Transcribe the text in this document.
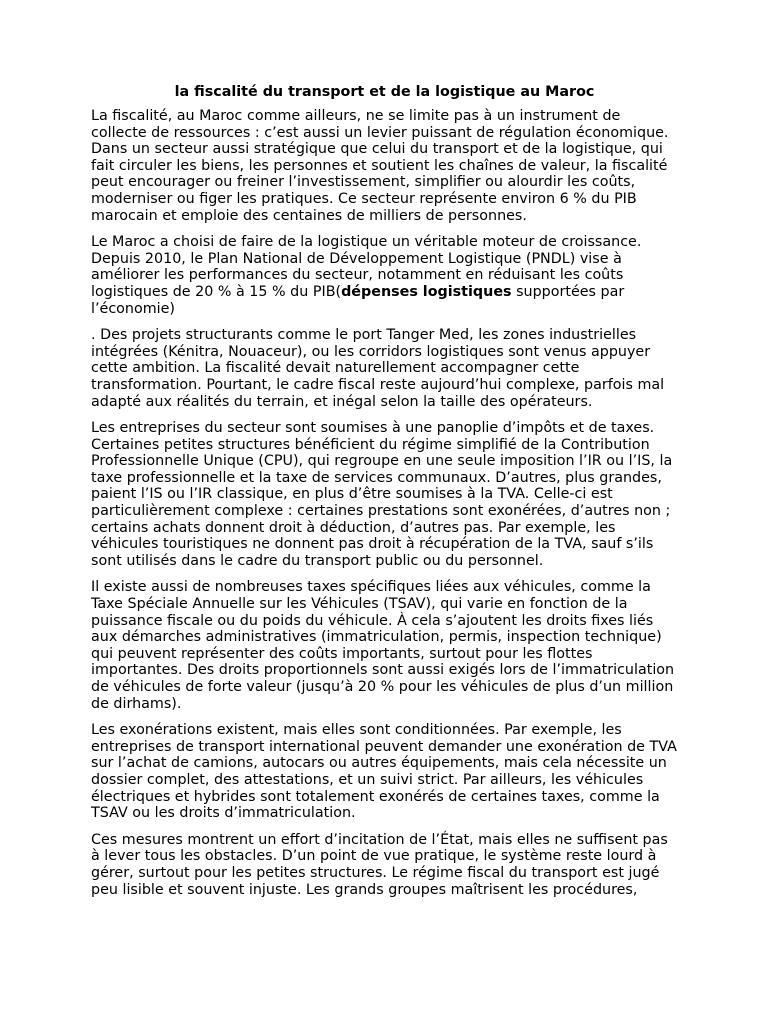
la fiscalité du transport et de la logistique au Maroc

La fiscalité, au Maroc comme ailleurs, ne se limite pas à un instrument de collecte de ressources : c’est aussi un levier puissant de régulation économique. Dans un secteur aussi stratégique que celui du transport et de la logistique, qui fait circuler les biens, les personnes et soutient les chaînes de valeur, la fiscalité peut encourager ou freiner l’investissement, simplifier ou alourdir les coûts, moderniser ou figer les pratiques. Ce secteur représente environ 6 % du PIB marocain et emploie des centaines de milliers de personnes.

Le Maroc a choisi de faire de la logistique un véritable moteur de croissance. Depuis 2010, le Plan National de Développement Logistique (PNDL) vise à améliorer les performances du secteur, notamment en réduisant les coûts logistiques de 20 % à 15 % du PIB(dépenses logistiques supportées par l’économie)

. Des projets structurants comme le port Tanger Med, les zones industrielles intégrées (Kénitra, Nouaceur), ou les corridors logistiques sont venus appuyer cette ambition. La fiscalité devait naturellement accompagner cette transformation. Pourtant, le cadre fiscal reste aujourd’hui complexe, parfois mal adapté aux réalités du terrain, et inégal selon la taille des opérateurs.

Les entreprises du secteur sont soumises à une panoplie d’impôts et de taxes. Certaines petites structures bénéficient du régime simplifié de la Contribution Professionnelle Unique (CPU), qui regroupe en une seule imposition l’IR ou l’IS, la taxe professionnelle et la taxe de services communaux. D’autres, plus grandes, paient l’IS ou l’IR classique, en plus d’être soumises à la TVA. Celle-ci est particulièrement complexe : certaines prestations sont exonérées, d’autres non ; certains achats donnent droit à déduction, d’autres pas. Par exemple, les véhicules touristiques ne donnent pas droit à récupération de la TVA, sauf s’ils sont utilisés dans le cadre du transport public ou du personnel.

Il existe aussi de nombreuses taxes spécifiques liées aux véhicules, comme la Taxe Spéciale Annuelle sur les Véhicules (TSAV), qui varie en fonction de la puissance fiscale ou du poids du véhicule. À cela s’ajoutent les droits fixes liés aux démarches administratives (immatriculation, permis, inspection technique) qui peuvent représenter des coûts importants, surtout pour les flottes importantes. Des droits proportionnels sont aussi exigés lors de l’immatriculation de véhicules de forte valeur (jusqu’à 20 % pour les véhicules de plus d’un million de dirhams).

Les exonérations existent, mais elles sont conditionnées. Par exemple, les entreprises de transport international peuvent demander une exonération de TVA sur l’achat de camions, autocars ou autres équipements, mais cela nécessite un dossier complet, des attestations, et un suivi strict. Par ailleurs, les véhicules électriques et hybrides sont totalement exonérés de certaines taxes, comme la TSAV ou les droits d’immatriculation.

Ces mesures montrent un effort d’incitation de l’État, mais elles ne suffisent pas à lever tous les obstacles. D’un point de vue pratique, le système reste lourd à gérer, surtout pour les petites structures. Le régime fiscal du transport est jugé peu lisible et souvent injuste. Les grands groupes maîtrisent les procédures,
